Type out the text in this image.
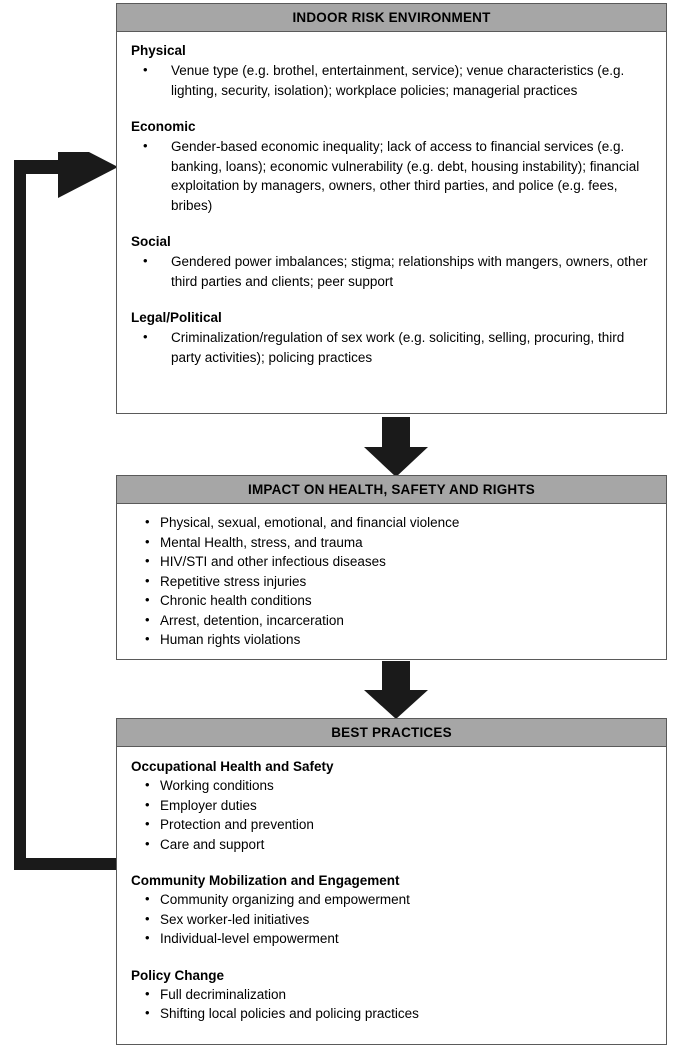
INDOOR RISK ENVIRONMENT
Physical
• Venue type (e.g. brothel, entertainment, service); venue characteristics (e.g. lighting, security, isolation); workplace policies; managerial practices
Economic
• Gender-based economic inequality; lack of access to financial services (e.g. banking, loans); economic vulnerability (e.g. debt, housing instability); financial exploitation by managers, owners, other third parties, and police (e.g. fees, bribes)
Social
• Gendered power imbalances; stigma; relationships with mangers, owners, other third parties and clients; peer support
Legal/Political
• Criminalization/regulation of sex work (e.g. soliciting, selling, procuring, third party activities); policing practices
IMPACT ON HEALTH, SAFETY AND RIGHTS
• Physical, sexual, emotional, and financial violence
• Mental Health, stress, and trauma
• HIV/STI and other infectious diseases
• Repetitive stress injuries
• Chronic health conditions
• Arrest, detention, incarceration
• Human rights violations
BEST PRACTICES
Occupational Health and Safety
• Working conditions
• Employer duties
• Protection and prevention
• Care and support
Community Mobilization and Engagement
• Community organizing and empowerment
• Sex worker-led initiatives
• Individual-level empowerment
Policy Change
• Full decriminalization
• Shifting local policies and policing practices
